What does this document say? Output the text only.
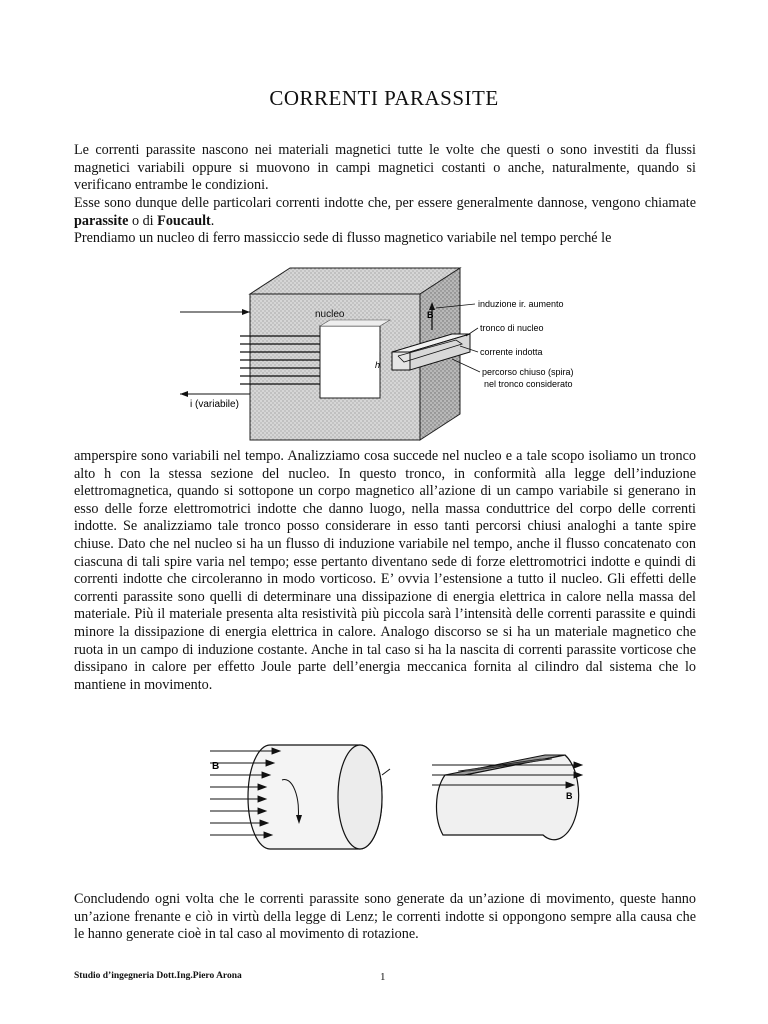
CORRENTI PARASSITE

Le correnti parassite nascono nei materiali magnetici tutte le volte che questi o sono investiti da flussi magnetici variabili oppure si muovono in campi magnetici costanti o anche, naturalmente, quando si verificano entrambe le condizioni.

Esse sono dunque delle particolari correnti indotte che, per essere generalmente dannose, vengono chiamate parassite o di Foucault.

Prendiamo un nucleo di ferro massiccio sede di flusso magnetico variabile nel tempo perché le

nucleo
i (variabile)
h
B
induzione ir. aumento
tronco di nucleo
corrente indotta
percorso chiuso (spira)
nel tronco considerato

amperspire sono variabili nel tempo. Analizziamo cosa succede nel nucleo e a tale scopo isoliamo un tronco alto h con la stessa sezione del nucleo. In questo tronco, in conformità alla legge dell’induzione elettromagnetica, quando si sottopone un corpo magnetico all’azione di un campo variabile si generano in esso delle forze elettromotrici indotte che danno luogo, nella massa conduttrice del corpo delle correnti indotte. Se analizziamo tale tronco posso considerare in esso tanti percorsi chiusi analoghi a tante spire chiuse. Dato che nel nucleo si ha un flusso di induzione variabile nel tempo, anche il flusso concatenato con ciascuna di tali spire varia nel tempo; esse pertanto diventano sede di forze elettromotrici indotte e quindi di correnti indotte che circoleranno in modo vorticoso. E’ ovvia l’estensione a tutto il nucleo. Gli effetti delle correnti parassite sono quelli di determinare una dissipazione di energia elettrica in calore nella massa del materiale. Più il materiale presenta alta resistività più piccola sarà l’intensità delle correnti parassite e quindi minore la dissipazione di energia elettrica in calore. Analogo discorso se si ha un materiale magnetico che ruota in un campo di induzione costante. Anche in tal caso si ha la nascita di correnti parassite vorticose che dissipano in calore per effetto Joule parte dell’energia meccanica fornita al cilindro dal sistema che lo mantiene in movimento.

B
B

Concludendo ogni volta che le correnti parassite sono generate da un’azione di movimento, queste hanno un’azione frenante e ciò in virtù della legge di Lenz; le correnti indotte si oppongono sempre alla causa che le hanno generate cioè in tal caso al movimento di rotazione.

Studio d’ingegneria Dott.Ing.Piero Arona	1
